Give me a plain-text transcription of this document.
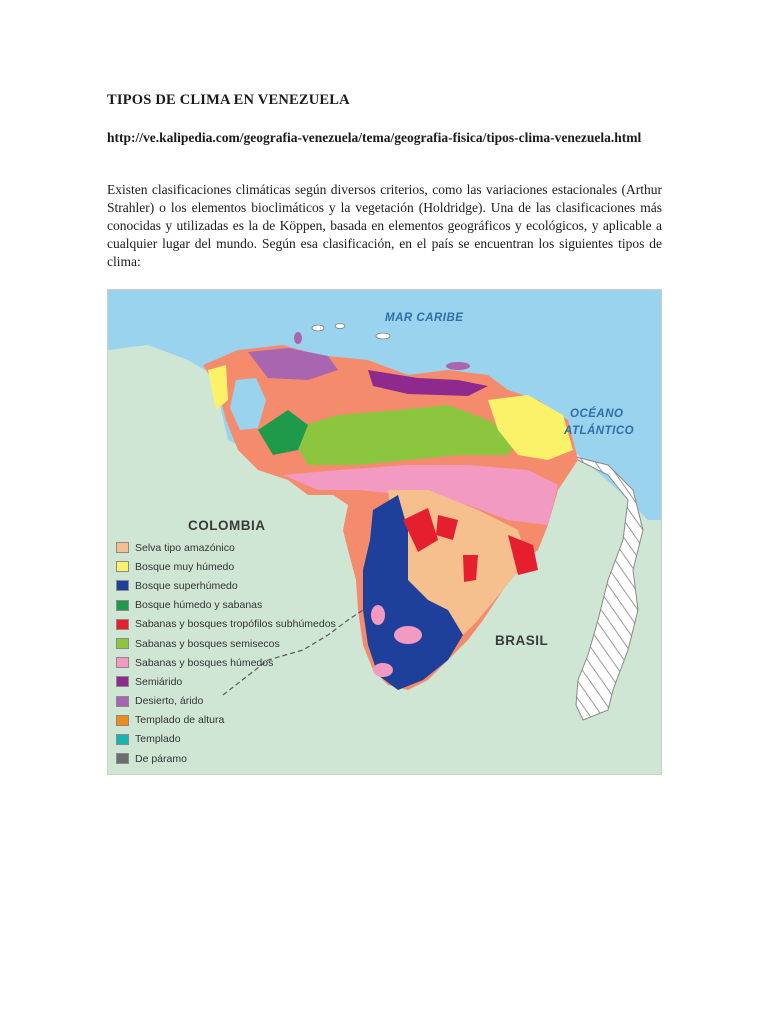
TIPOS DE CLIMA EN VENEZUELA
http://ve.kalipedia.com/geografia-venezuela/tema/geografia-fisica/tipos-clima-venezuela.html
Existen clasificaciones climáticas según diversos criterios, como las variaciones estacionales (Arthur Strahler) o los elementos bioclimáticos y la vegetación (Holdridge). Una de las clasificaciones más conocidas y utilizadas es la de Köppen, basada en elementos geográficos y ecológicos, y aplicable a cualquier lugar del mundo. Según esa clasificación, en el país se encuentran los siguientes tipos de clima:
MAR CARIBE
OCÉANO
ATLÁNTICO
COLOMBIA
BRASIL
Selva tipo amazónico
Bosque muy húmedo
Bosque superhúmedo
Bosque húmedo y sabanas
Sabanas y bosques tropófilos subhúmedos
Sabanas y bosques semisecos
Sabanas y bosques húmedos
Semiárido
Desierto, árido
Templado de altura
Templado
De páramo
